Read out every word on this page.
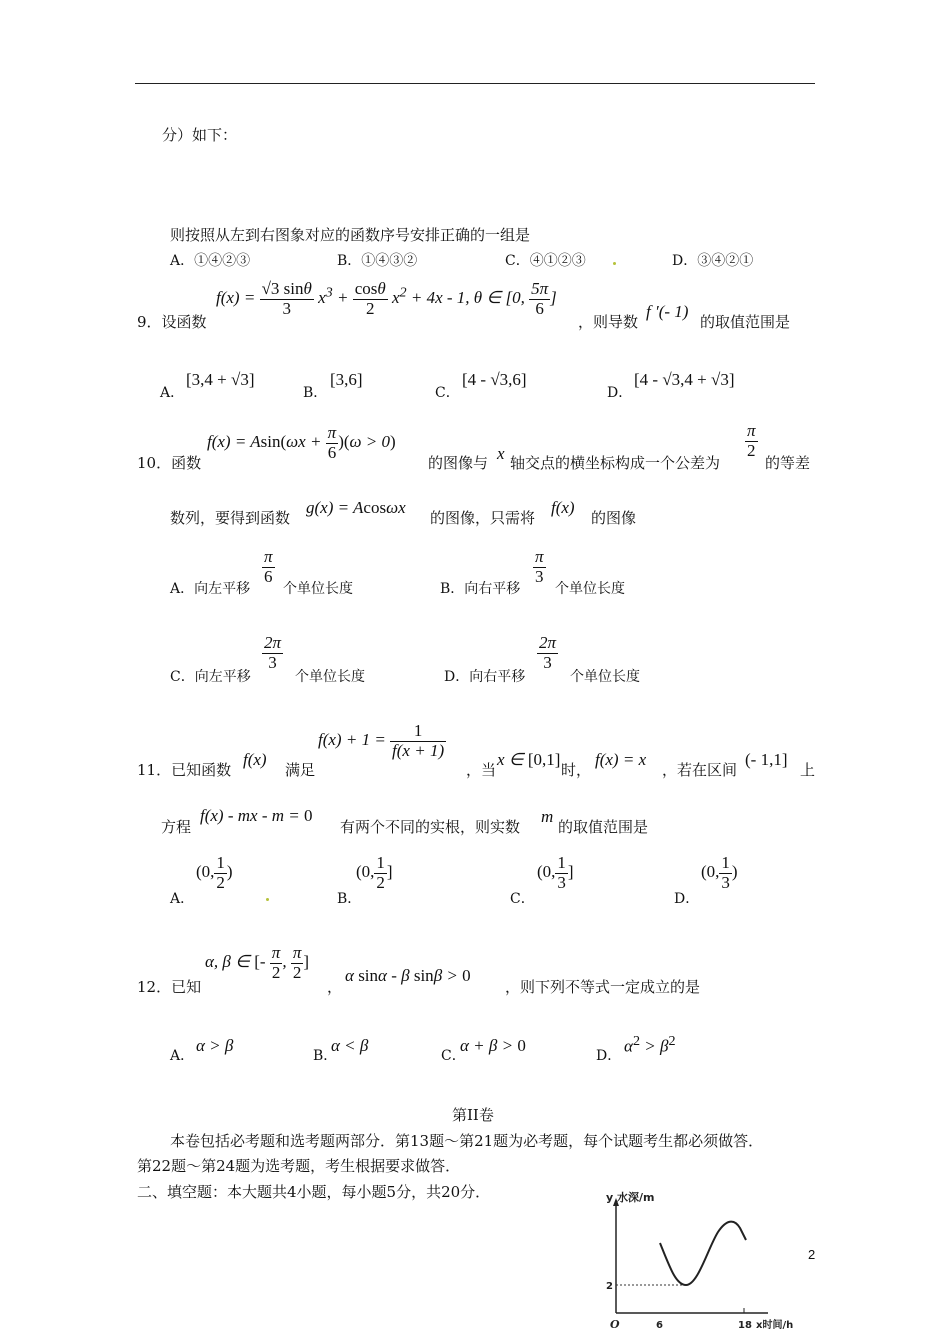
分）如下：
则按照从左到右图象对应的函数序号安排正确的一组是
A．①④②③	B．①④③②	C．④①②③	D．③④②①
9．设函数
$f(x) = \frac{√3 \sin\theta}{3} x^3 + \frac{\cos\theta}{2} x^2 + 4x - 1$, θ ∈ [0, $\frac{5\pi}{6}$ ]
，则导数
f ′(- 1)
的取值范围是
A．
[3,4 + √3]
B．
[3,6]
C．
[4 - √3,6]
D．
[4 - √3,4 + √3]
10．函数
$f(x) = Asin(\omega x + \frac{\pi}{6} )(\omega > 0)$
的图像与 x 轴交点的横坐标构成一个公差为
$\frac{\pi}{2}$
的等差
数列，要得到函数
g(x) = Acosωx
的图像，只需将
f(x)
的图像
A．向左平移
$\frac{\pi}{6}$
个单位长度	B．向右平移
$\frac{\pi}{3}$
个单位长度
C．向左平移
$\frac{2\pi}{3}$
个单位长度	D．向右平移
$\frac{2\pi}{3}$
个单位长度
11．已知函数
f(x)
满足
$f(x) + 1 = \frac{1}{f(x + 1)}$
，当
x ∈ [0,1]
时，
f(x) = x
，若在区间
(- 1,1]
上
方程
f(x) - mx - m = 0
有两个不同的实根，则实数
m
的取值范围是
A．
(0, $\frac{1}{2}$ )
B．
(0, $\frac{1}{2}$ ]
C．
(0, $\frac{1}{3}$ ]
D．
(0, $\frac{1}{3}$ )
12．已知
α, β ∈ [- $\frac{\pi}{2}$ , $\frac{\pi}{2}$ ]
，
α sinα - β sinβ > 0
，则下列不等式一定成立的是
A．
α > β
B．
α < β
C．
α + β > 0
D．
$\alpha^2 > \beta^2$
第II卷
本卷包括必考题和选考题两部分．第13题～第21题为必考题，每个试题考生都必须做答．
第22题～第24题为选考题，考生根据要求做答．
二、填空题：本大题共4小题，每小题5分，共20分．	y 水深/m
2
O	6	18 x时间/h
2
